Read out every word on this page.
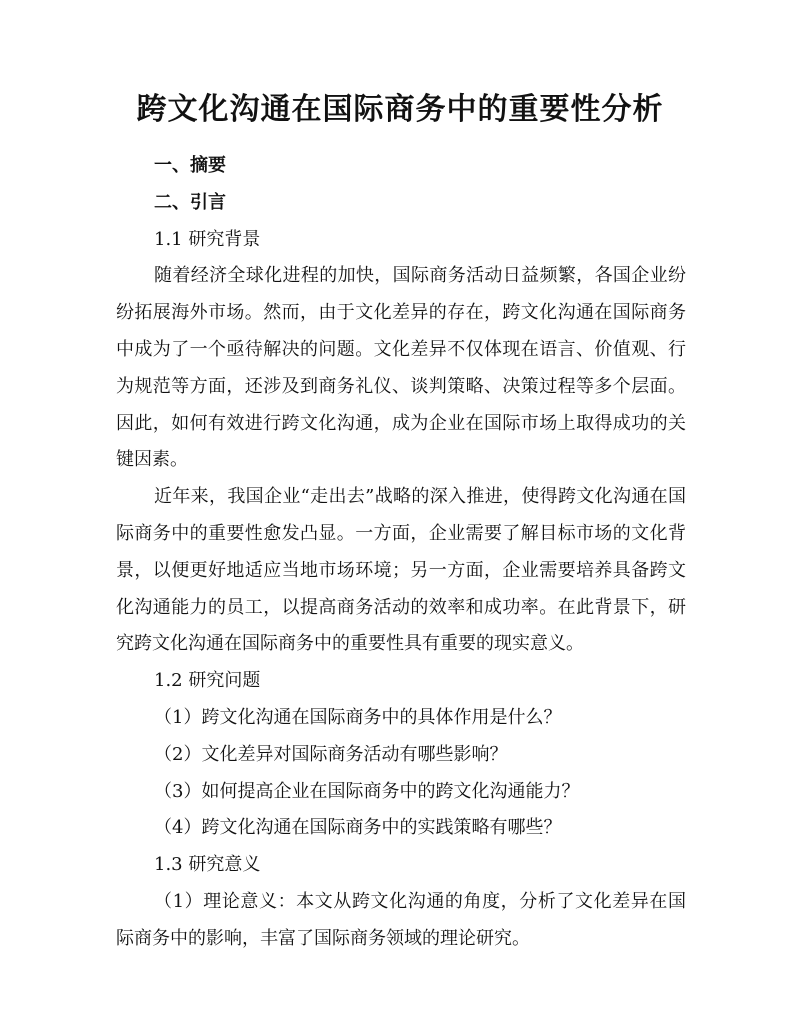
跨文化沟通在国际商务中的重要性分析
一、摘要
二、引言
1.1 研究背景

随着经济全球化进程的加快，国际商务活动日益频繁，各国企业纷纷拓展海外市场。然而，由于文化差异的存在，跨文化沟通在国际商务中成为了一个亟待解决的问题。文化差异不仅体现在语言、价值观、行为规范等方面，还涉及到商务礼仪、谈判策略、决策过程等多个层面。因此，如何有效进行跨文化沟通，成为企业在国际市场上取得成功的关键因素。

近年来，我国企业“走出去”战略的深入推进，使得跨文化沟通在国际商务中的重要性愈发凸显。一方面，企业需要了解目标市场的文化背景，以便更好地适应当地市场环境；另一方面，企业需要培养具备跨文化沟通能力的员工，以提高商务活动的效率和成功率。在此背景下，研究跨文化沟通在国际商务中的重要性具有重要的现实意义。

1.2 研究问题
（1）跨文化沟通在国际商务中的具体作用是什么？
（2）文化差异对国际商务活动有哪些影响？
（3）如何提高企业在国际商务中的跨文化沟通能力？
（4）跨文化沟通在国际商务中的实践策略有哪些？
1.3 研究意义

（1）理论意义：本文从跨文化沟通的角度，分析了文化差异在国际商务中的影响，丰富了国际商务领域的理论研究。
